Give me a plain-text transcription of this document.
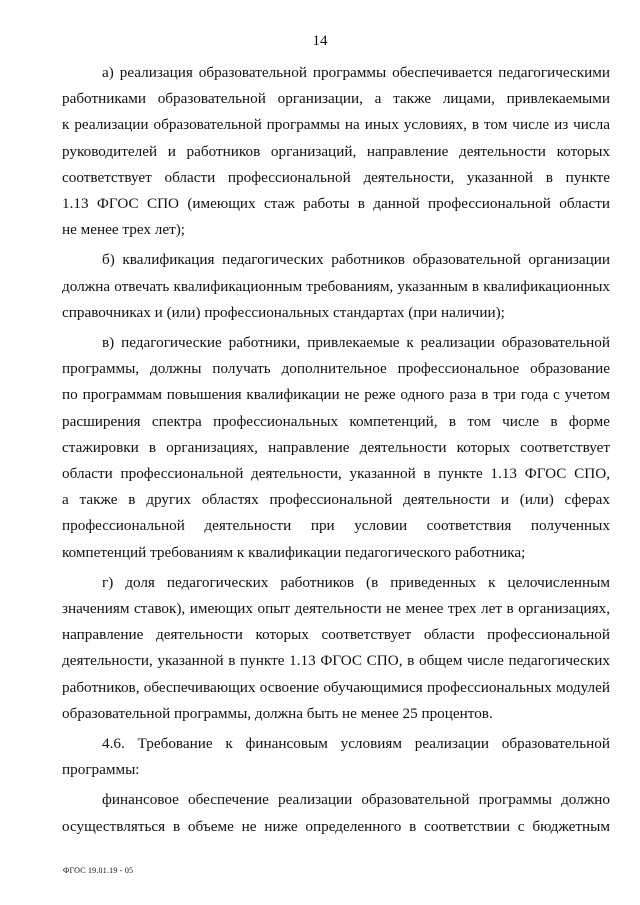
14
а) реализация образовательной программы обеспечивается педагогическими
работниками образовательной организации, а также лицами, привлекаемыми
к реализации образовательной программы на иных условиях, в том числе из числа
руководителей и работников организаций, направление деятельности которых
соответствует области профессиональной деятельности, указанной в пункте
1.13 ФГОС СПО (имеющих стаж работы в данной профессиональной области
не менее трех лет);
б) квалификация педагогических работников образовательной организации
должна отвечать квалификационным требованиям, указанным в квалификационных
справочниках и (или) профессиональных стандартах (при наличии);
в) педагогические работники, привлекаемые к реализации образовательной
программы, должны получать дополнительное профессиональное образование
по программам повышения квалификации не реже одного раза в три года с учетом
расширения спектра профессиональных компетенций, в том числе в форме
стажировки в организациях, направление деятельности которых соответствует
области профессиональной деятельности, указанной в пункте 1.13 ФГОС СПО,
а также в других областях профессиональной деятельности и (или) сферах
профессиональной деятельности при условии соответствия полученных
компетенций требованиям к квалификации педагогического работника;
г) доля педагогических работников (в приведенных к целочисленным
значениям ставок), имеющих опыт деятельности не менее трех лет в организациях,
направление деятельности которых соответствует области профессиональной
деятельности, указанной в пункте 1.13 ФГОС СПО, в общем числе педагогических
работников, обеспечивающих освоение обучающимися профессиональных модулей
образовательной программы, должна быть не менее 25 процентов.
4.6. Требование к финансовым условиям реализации образовательной
программы:
финансовое обеспечение реализации образовательной программы должно
осуществляться в объеме не ниже определенного в соответствии с бюджетным
ФГОС 19.01.19 - 05
